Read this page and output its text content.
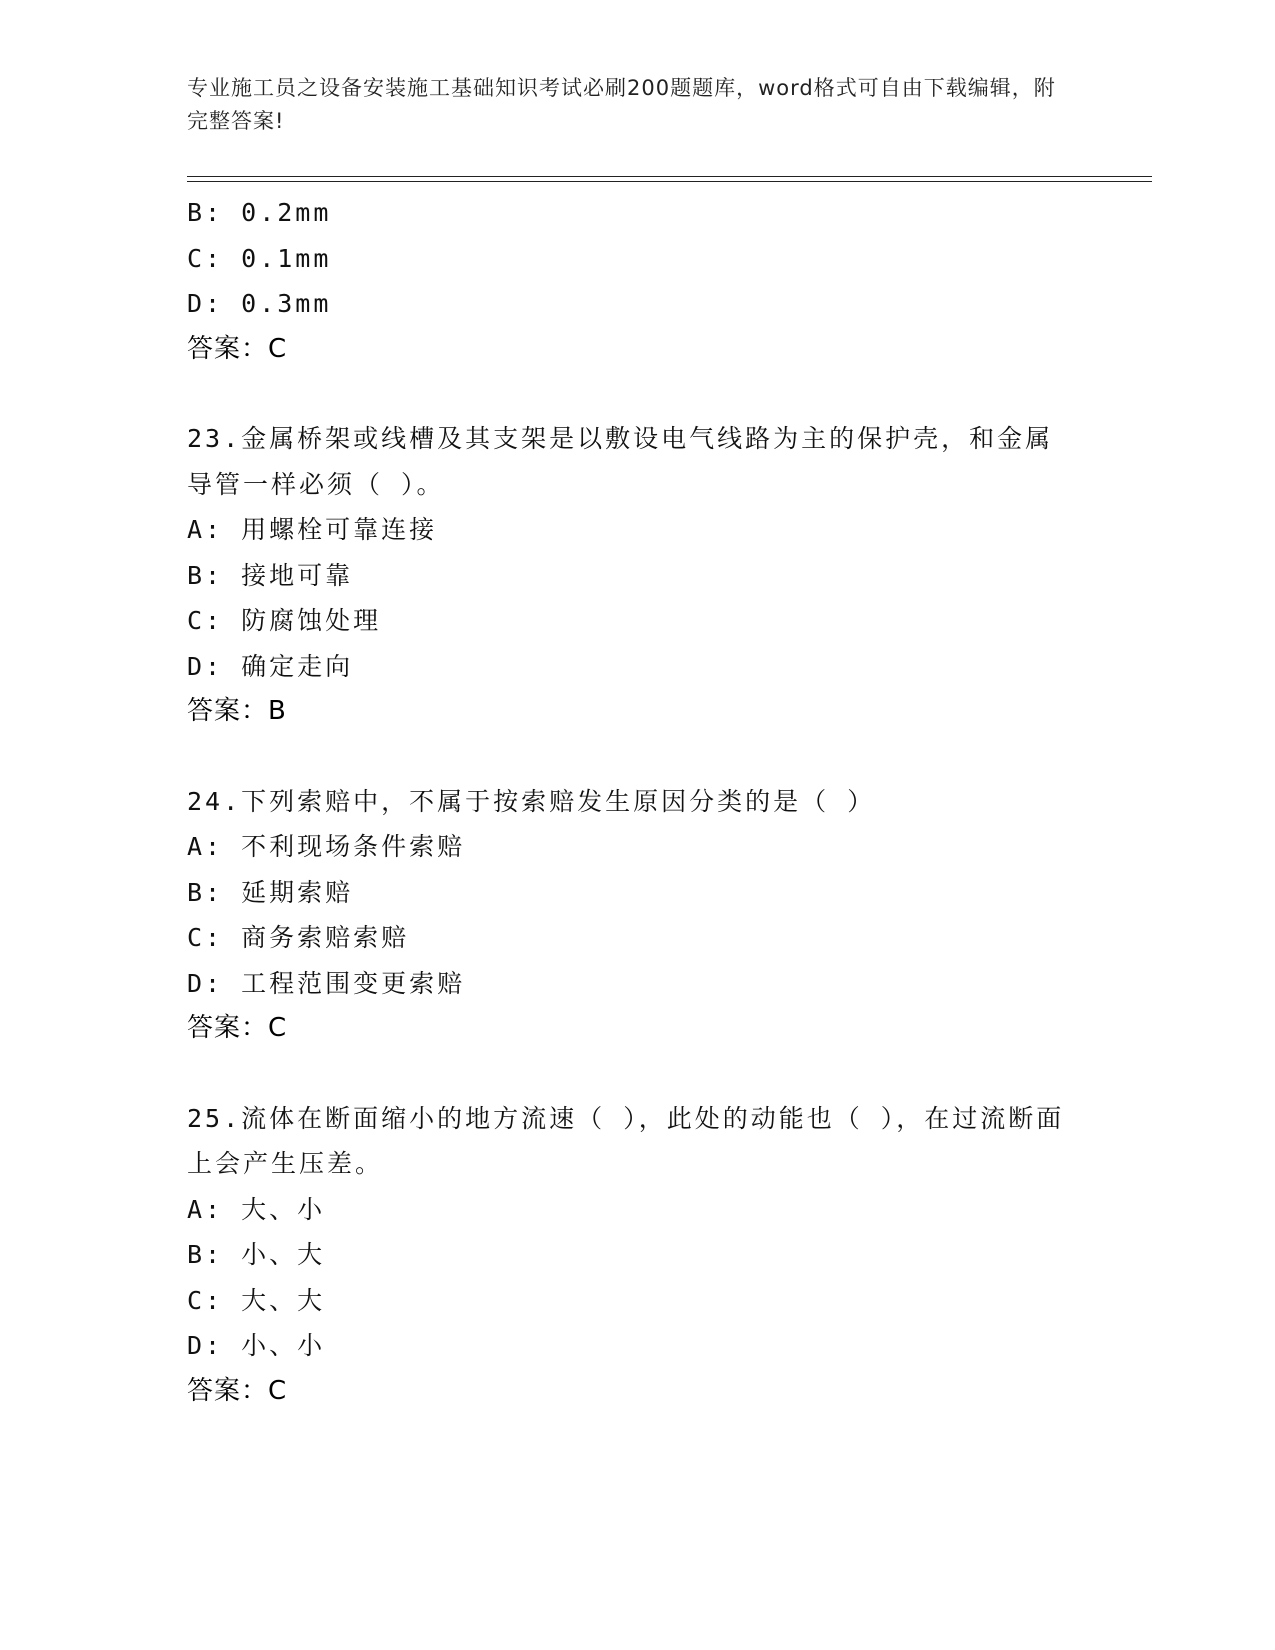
专业施工员之设备安装施工基础知识考试必刷200题题库，word格式可自由下载编辑，附完整答案!
B: 0.2mm
C: 0.1mm
D: 0.3mm
答案：C
23.金属桥架或线槽及其支架是以敷设电气线路为主的保护壳，和金属导管一样必须（ ）。
A: 用螺栓可靠连接
B: 接地可靠
C: 防腐蚀处理
D: 确定走向
答案：B
24.下列索赔中，不属于按索赔发生原因分类的是（ ）
A: 不利现场条件索赔
B: 延期索赔
C: 商务索赔索赔
D: 工程范围变更索赔
答案：C
25.流体在断面缩小的地方流速（ ），此处的动能也（ ），在过流断面上会产生压差。
A: 大、小
B: 小、大
C: 大、大
D: 小、小
答案：C
